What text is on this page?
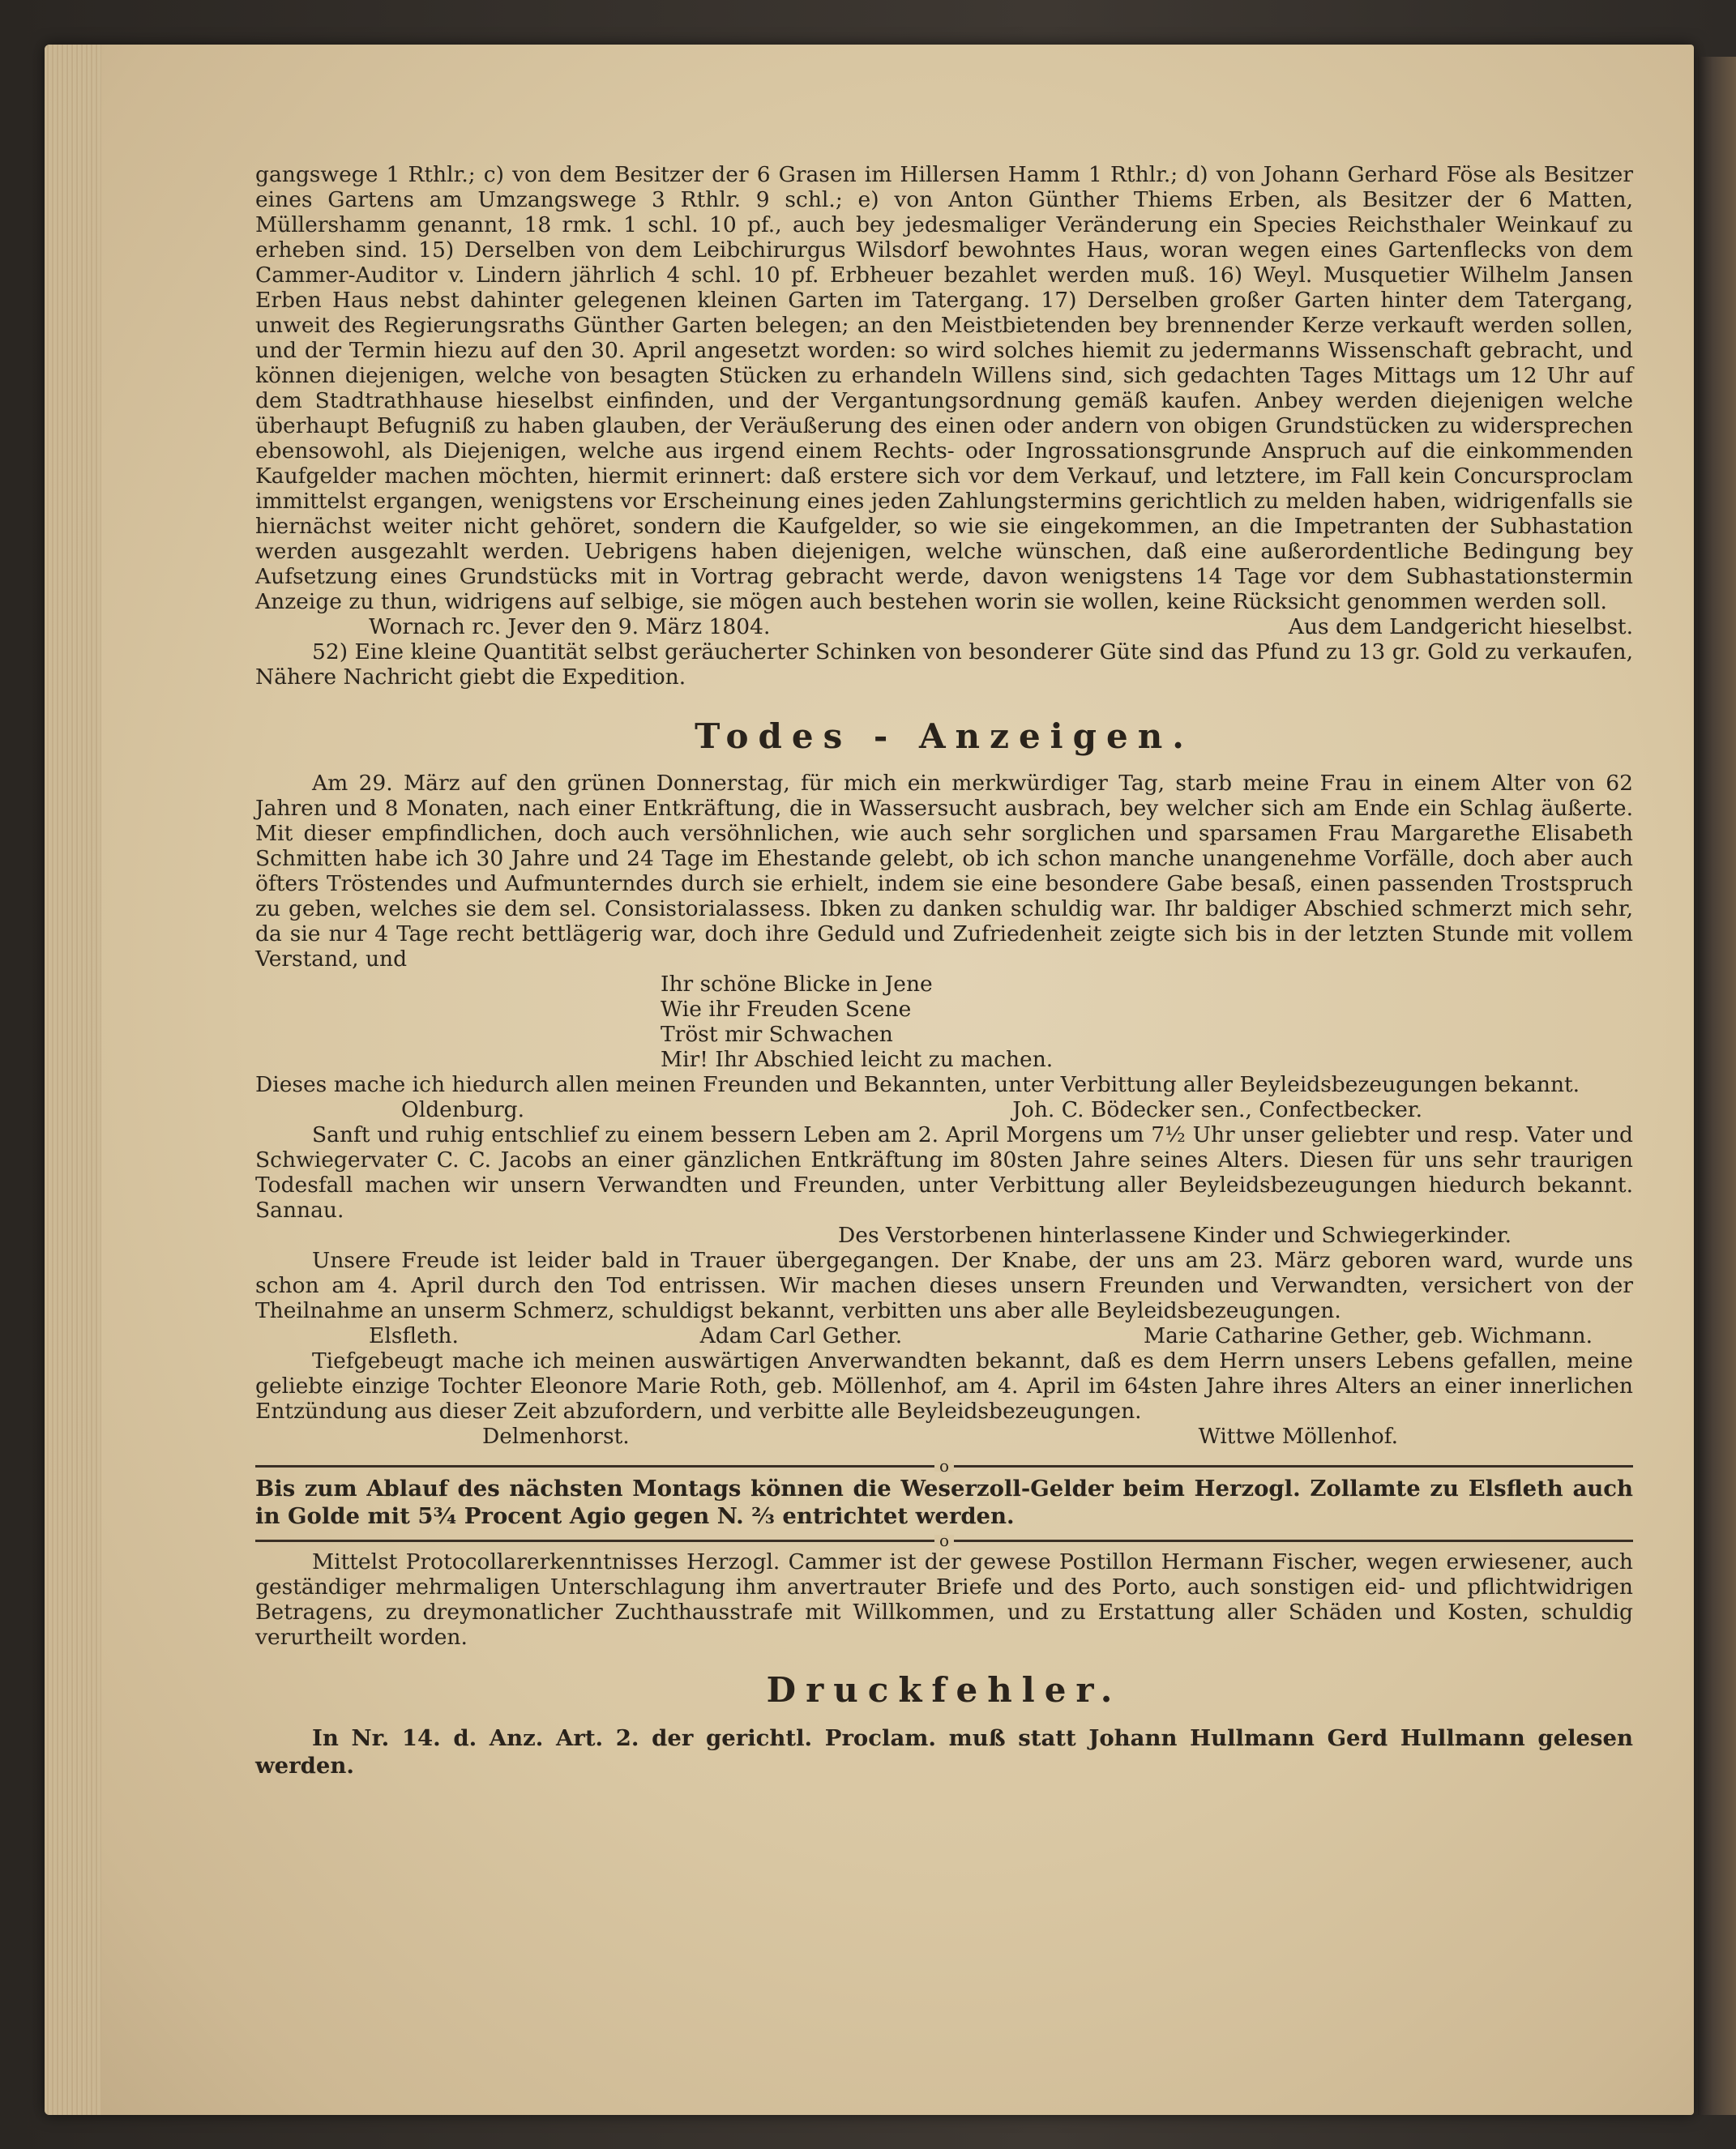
gangswege 1 Rthlr.; c) von dem Besitzer der 6 Grasen im Hillersen Hamm 1 Rthlr.; d) von Johann Gerhard Föse als Besitzer eines Gartens am Umzangswege 3 Rthlr. 9 schl.; e) von Anton Günther Thiems Erben, als Besitzer der 6 Matten, Müllershamm genannt, 18 rmk. 1 schl. 10 pf., auch bey jedesmaliger Veränderung ein Species Reichsthaler Weinkauf zu erheben sind. 15) Derselben von dem Leibchirurgus Wilsdorf bewohntes Haus, woran wegen eines Gartenflecks von dem Cammer-Auditor v. Lindern jährlich 4 schl. 10 pf. Erbheuer bezahlet werden muß. 16) Weyl. Musquetier Wilhelm Jansen Erben Haus nebst dahinter gelegenen kleinen Garten im Tatergang. 17) Derselben großer Garten hinter dem Tatergang, unweit des Regierungsraths Günther Garten belegen; an den Meistbietenden bey brennender Kerze verkauft werden sollen, und der Termin hiezu auf den 30. April angesetzt worden: so wird solches hiemit zu jedermanns Wissenschaft gebracht, und können diejenigen, welche von besagten Stücken zu erhandeln Willens sind, sich gedachten Tages Mittags um 12 Uhr auf dem Stadtrathhause hieselbst einfinden, und der Vergantungsordnung gemäß kaufen. Anbey werden diejenigen welche überhaupt Befugniß zu haben glauben, der Veräußerung des einen oder andern von obigen Grundstücken zu widersprechen ebensowohl, als Diejenigen, welche aus irgend einem Rechts- oder Ingrossationsgrunde Anspruch auf die einkommenden Kaufgelder machen möchten, hiermit erinnert: daß erstere sich vor dem Verkauf, und letztere, im Fall kein Concursproclam immittelst ergangen, wenigstens vor Erscheinung eines jeden Zahlungstermins gerichtlich zu melden haben, widrigenfalls sie hiernächst weiter nicht gehöret, sondern die Kaufgelder, so wie sie eingekommen, an die Impetranten der Subhastation werden ausgezahlt werden. Uebrigens haben diejenigen, welche wünschen, daß eine außerordentliche Bedingung bey Aufsetzung eines Grundstücks mit in Vortrag gebracht werde, davon wenigstens 14 Tage vor dem Subhastationstermin Anzeige zu thun, widrigens auf selbige, sie mögen auch bestehen worin sie wollen, keine Rücksicht genommen werden soll.

Wornach rc. Jever den 9. März 1804.	Aus dem Landgericht hieselbst.

52) Eine kleine Quantität selbst geräucherter Schinken von besonderer Güte sind das Pfund zu 13 gr. Gold zu verkaufen, Nähere Nachricht giebt die Expedition.

Todes - Anzeigen.

Am 29. März auf den grünen Donnerstag, für mich ein merkwürdiger Tag, starb meine Frau in einem Alter von 62 Jahren und 8 Monaten, nach einer Entkräftung, die in Wassersucht ausbrach, bey welcher sich am Ende ein Schlag äußerte. Mit dieser empfindlichen, doch auch versöhnlichen, wie auch sehr sorglichen und sparsamen Frau Margarethe Elisabeth Schmitten habe ich 30 Jahre und 24 Tage im Ehestande gelebt, ob ich schon manche unangenehme Vorfälle, doch aber auch öfters Tröstendes und Aufmunterndes durch sie erhielt, indem sie eine besondere Gabe besaß, einen passenden Trostspruch zu geben, welches sie dem sel. Consistorialassess. Ibken zu danken schuldig war. Ihr baldiger Abschied schmerzt mich sehr, da sie nur 4 Tage recht bettlägerig war, doch ihre Geduld und Zufriedenheit zeigte sich bis in der letzten Stunde mit vollem Verstand, und

Ihr schöne Blicke in Jene
Wie ihr Freuden Scene
Tröst mir Schwachen
Mir! Ihr Abschied leicht zu machen.

Dieses mache ich hiedurch allen meinen Freunden und Bekannten, unter Verbittung aller Beyleidsbezeugungen bekannt.

Oldenburg.	Joh. C. Bödecker sen., Confectbecker.

Sanft und ruhig entschlief zu einem bessern Leben am 2. April Morgens um 7½ Uhr unser geliebter und resp. Vater und Schwiegervater C. C. Jacobs an einer gänzlichen Entkräftung im 80sten Jahre seines Alters. Diesen für uns sehr traurigen Todesfall machen wir unsern Verwandten und Freunden, unter Verbittung aller Beyleidsbezeugungen hiedurch bekannt. Sannau.

Des Verstorbenen hinterlassene Kinder und Schwiegerkinder.

Unsere Freude ist leider bald in Trauer übergegangen. Der Knabe, der uns am 23. März geboren ward, wurde uns schon am 4. April durch den Tod entrissen. Wir machen dieses unsern Freunden und Verwandten, versichert von der Theilnahme an unserm Schmerz, schuldigst bekannt, verbitten uns aber alle Beyleidsbezeugungen.

Elsfleth.	Adam Carl Gether.	Marie Catharine Gether, geb. Wichmann.

Tiefgebeugt mache ich meinen auswärtigen Anverwandten bekannt, daß es dem Herrn unsers Lebens gefallen, meine geliebte einzige Tochter Eleonore Marie Roth, geb. Möllenhof, am 4. April im 64sten Jahre ihres Alters an einer innerlichen Entzündung aus dieser Zeit abzufordern, und verbitte alle Beyleidsbezeugungen.

Delmenhorst.	Wittwe Möllenhof.
o

Bis zum Ablauf des nächsten Montags können die Weserzoll-Gelder beim Herzogl. Zollamte zu Elsfleth auch in Golde mit 5¾ Procent Agio gegen N. ⅔ entrichtet werden.

o

Mittelst Protocollarerkenntnisses Herzogl. Cammer ist der gewese Postillon Hermann Fischer, wegen erwiesener, auch geständiger mehrmaligen Unterschlagung ihm anvertrauter Briefe und des Porto, auch sonstigen eid- und pflichtwidrigen Betragens, zu dreymonatlicher Zuchthausstrafe mit Willkommen, und zu Erstattung aller Schäden und Kosten, schuldig verurtheilt worden.

Druckfehler.

In Nr. 14. d. Anz. Art. 2. der gerichtl. Proclam. muß statt Johann Hullmann Gerd Hullmann gelesen werden.
